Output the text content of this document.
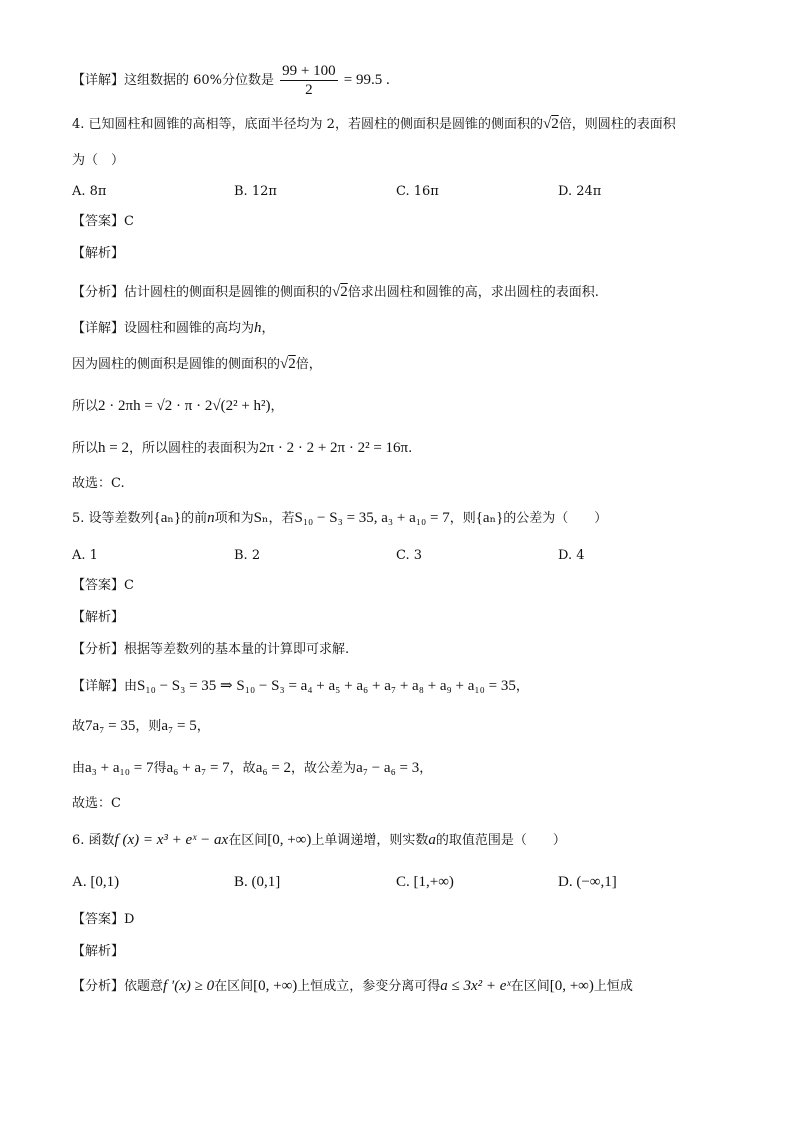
【详解】这组数据的 60%分位数是 $\frac{99 + 100}{2} = 99.5$ .
4. 已知圆柱和圆锥的高相等，底面半径均为 2，若圆柱的侧面积是圆锥的侧面积的√2倍，则圆柱的表面积
为（　）
A. 8π	B. 12π	C. 16π	D. 24π
【答案】C
【解析】
【分析】估计圆柱的侧面积是圆锥的侧面积的√2倍求出圆柱和圆锥的高，求出圆柱的表面积.
【详解】设圆柱和圆锥的高均为h，
因为圆柱的侧面积是圆锥的侧面积的√2倍，
所以2 · 2πh = √2 · π · 2√(2² + h²)，
所以h = 2，所以圆柱的表面积为2π · 2 · 2 + 2π · 2² = 16π.
故选：C.
5. 设等差数列{aₙ}的前n项和为Sₙ，若S₁₀ − S₃ = 35, a₃ + a₁₀ = 7，则{aₙ}的公差为（　　）
A. 1	B. 2	C. 3	D. 4
【答案】C
【解析】
【分析】根据等差数列的基本量的计算即可求解.
【详解】由S₁₀ − S₃ = 35 ⇒ S₁₀ − S₃ = a₄ + a₅ + a₆ + a₇ + a₈ + a₉ + a₁₀ = 35，
故7a₇ = 35，则a₇ = 5，
由a₃ + a₁₀ = 7得a₆ + a₇ = 7，故a₆ = 2，故公差为a₇ − a₆ = 3，
故选：C
6. 函数f (x) = x³ + eˣ − ax在区间[0, +∞)上单调递增，则实数a的取值范围是（　　）
A. [0,1)	B. (0,1]	C. [1,+∞)	D. (−∞,1]
【答案】D
【解析】
【分析】依题意f ′(x) ≥ 0在区间[0, +∞)上恒成立，参变分离可得a ≤ 3x² + eˣ在区间[0, +∞)上恒成
